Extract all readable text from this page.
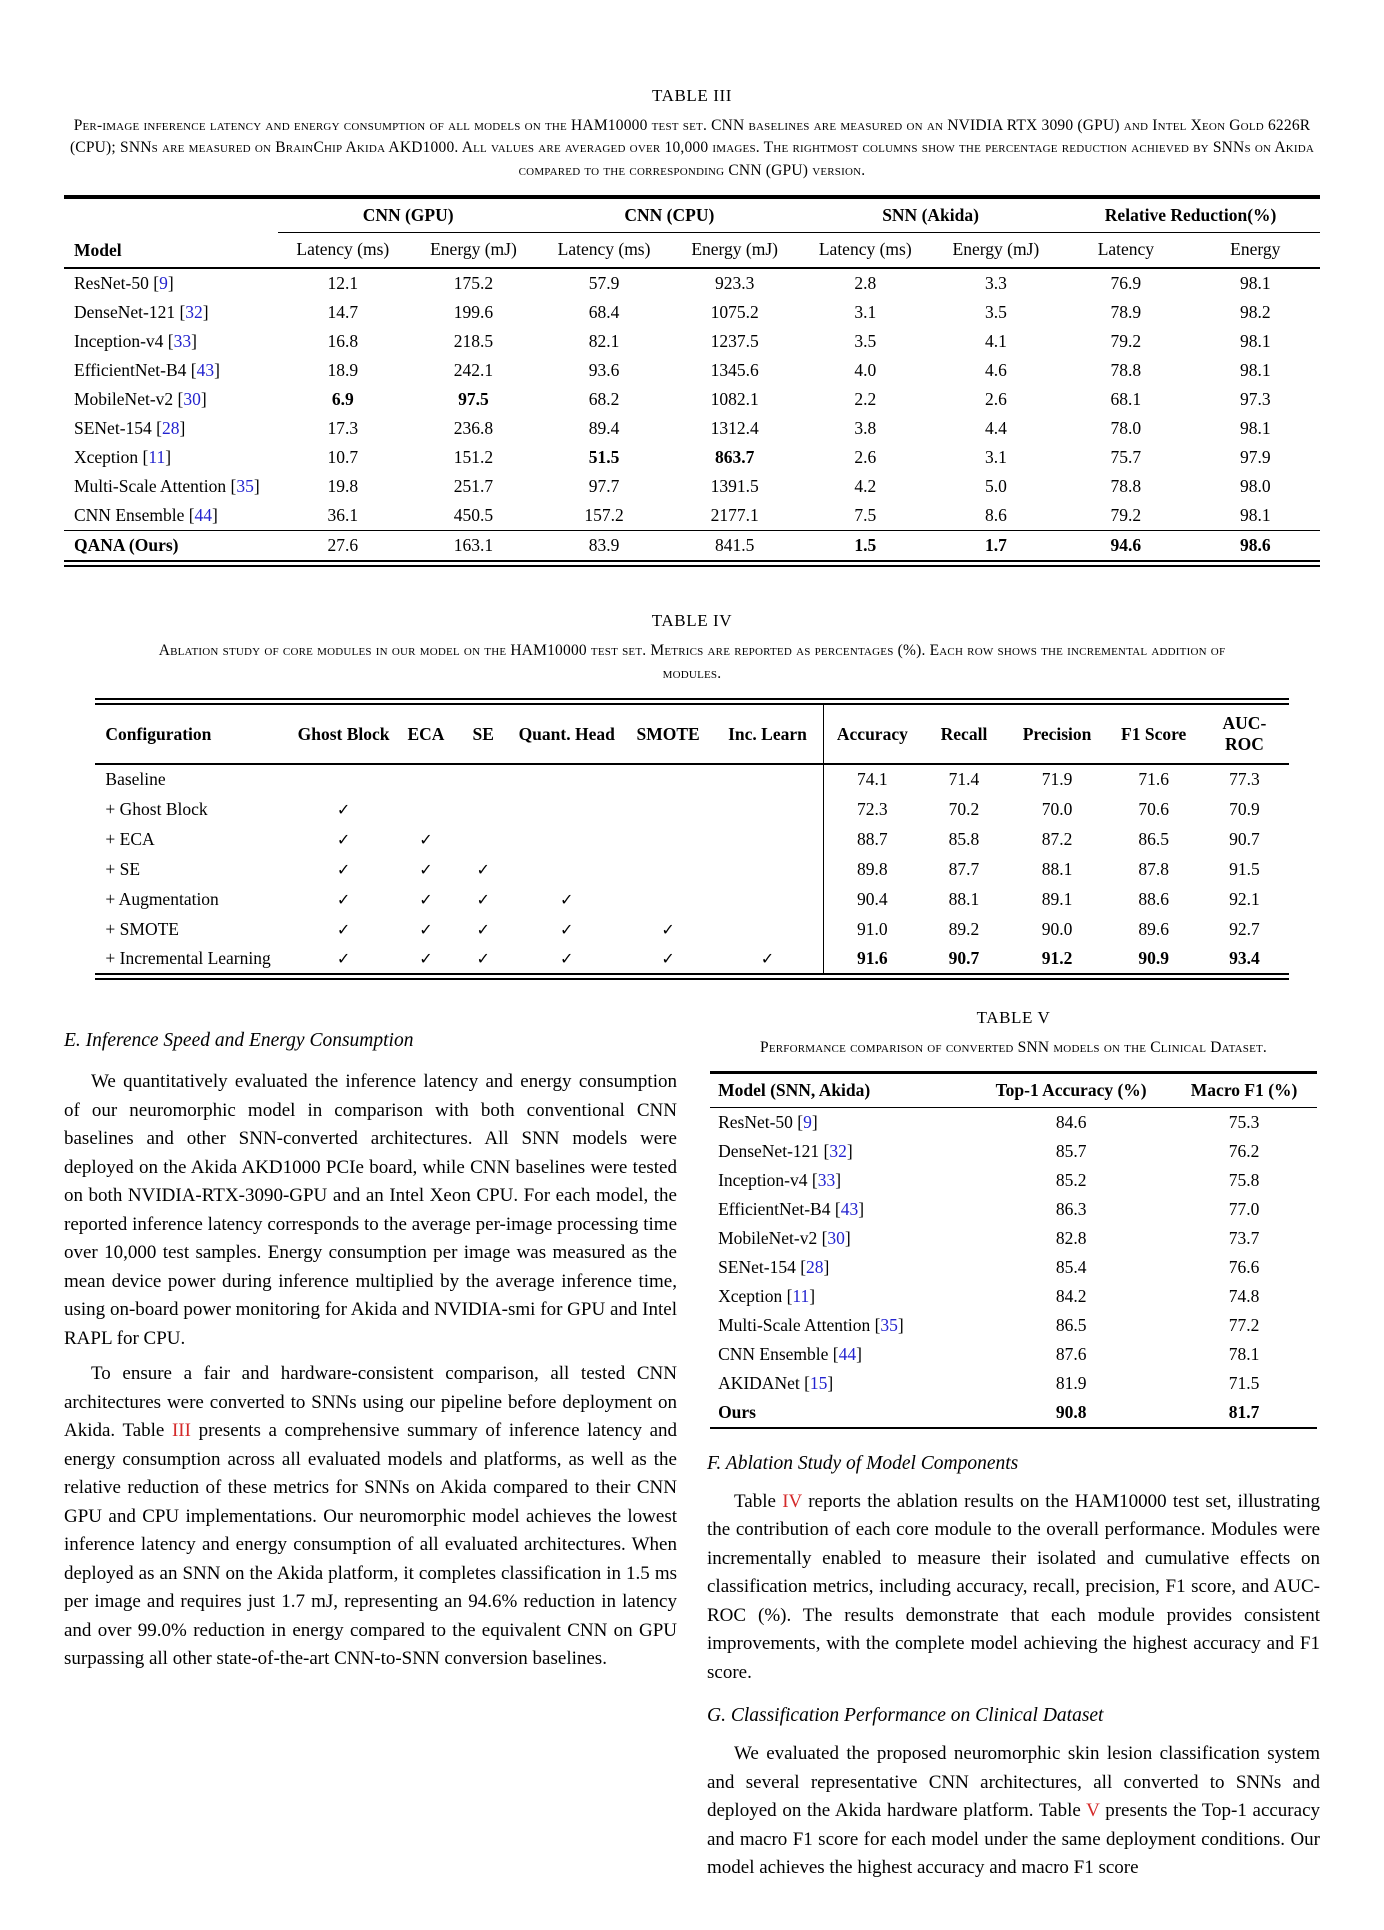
TABLE III
Per-image inference latency and energy consumption of all models on the HAM10000 test set. CNN baselines are measured on an NVIDIA RTX 3090 (GPU) and Intel Xeon Gold 6226R (CPU); SNNs are measured on BrainChip Akida AKD1000. All values are averaged over 10,000 images. The rightmost columns show the percentage reduction achieved by SNNs on Akida compared to the corresponding CNN (GPU) version.
Model	CNN (GPU)		CNN (CPU)		SNN (Akida)		Relative Reduction(%)	
	Latency (ms)	Energy (mJ)	Latency (ms)	Energy (mJ)	Latency (ms)	Energy (mJ)	Latency	Energy
ResNet-50 [9]	12.1	175.2	57.9	923.3	2.8	3.3	76.9	98.1
DenseNet-121 [32]	14.7	199.6	68.4	1075.2	3.1	3.5	78.9	98.2
Inception-v4 [33]	16.8	218.5	82.1	1237.5	3.5	4.1	79.2	98.1
EfficientNet-B4 [43]	18.9	242.1	93.6	1345.6	4.0	4.6	78.8	98.1
MobileNet-v2 [30]	6.9	97.5	68.2	1082.1	2.2	2.6	68.1	97.3
SENet-154 [28]	17.3	236.8	89.4	1312.4	3.8	4.4	78.0	98.1
Xception [11]	10.7	151.2	51.5	863.7	2.6	3.1	75.7	97.9
Multi-Scale Attention [35]	19.8	251.7	97.7	1391.5	4.2	5.0	78.8	98.0
CNN Ensemble [44]	36.1	450.5	157.2	2177.1	7.5	8.6	79.2	98.1
QANA (Ours)	27.6	163.1	83.9	841.5	1.5	1.7	94.6	98.6
TABLE IV
Ablation study of core modules in our model on the HAM10000 test set. Metrics are reported as percentages (%). Each row shows the incremental addition of modules.
Configuration	Ghost Block	ECA	SE	Quant. Head	SMOTE	Inc. Learn	Accuracy	Recall	Precision	F1 Score	AUC-ROC
Baseline							74.1	71.4	71.9	71.6	77.3
+ Ghost Block	✓						72.3	70.2	70.0	70.6	70.9
+ ECA	✓	✓					88.7	85.8	87.2	86.5	90.7
+ SE	✓	✓	✓				89.8	87.7	88.1	87.8	91.5
+ Augmentation	✓	✓	✓	✓			90.4	88.1	89.1	88.6	92.1
+ SMOTE	✓	✓	✓	✓	✓		91.0	89.2	90.0	89.6	92.7
+ Incremental Learning	✓	✓	✓	✓	✓	✓	91.6	90.7	91.2	90.9	93.4
E. Inference Speed and Energy Consumption

We quantitatively evaluated the inference latency and energy consumption of our neuromorphic model in comparison with both conventional CNN baselines and other SNN-converted architectures. All SNN models were deployed on the Akida AKD1000 PCIe board, while CNN baselines were tested on both NVIDIA-RTX-3090-GPU and an Intel Xeon CPU. For each model, the reported inference latency corresponds to the average per-image processing time over 10,000 test samples. Energy consumption per image was measured as the mean device power during inference multiplied by the average inference time, using on-board power monitoring for Akida and NVIDIA-smi for GPU and Intel RAPL for CPU.

To ensure a fair and hardware-consistent comparison, all tested CNN architectures were converted to SNNs using our pipeline before deployment on Akida. Table III presents a comprehensive summary of inference latency and energy consumption across all evaluated models and platforms, as well as the relative reduction of these metrics for SNNs on Akida compared to their CNN GPU and CPU implementations. Our neuromorphic model achieves the lowest inference latency and energy consumption of all evaluated architectures. When deployed as an SNN on the Akida platform, it completes classification in 1.5 ms per image and requires just 1.7 mJ, representing an 94.6% reduction in latency and over 99.0% reduction in energy compared to the equivalent CNN on GPU surpassing all other state-of-the-art CNN-to-SNN conversion baselines.

TABLE V
Performance comparison of converted SNN models on the Clinical Dataset.
Model (SNN, Akida)	Top-1 Accuracy (%)	Macro F1 (%)
ResNet-50 [9]	84.6	75.3
DenseNet-121 [32]	85.7	76.2
Inception-v4 [33]	85.2	75.8
EfficientNet-B4 [43]	86.3	77.0
MobileNet-v2 [30]	82.8	73.7
SENet-154 [28]	85.4	76.6
Xception [11]	84.2	74.8
Multi-Scale Attention [35]	86.5	77.2
CNN Ensemble [44]	87.6	78.1
AKIDANet [15]	81.9	71.5
Ours	90.8	81.7
F. Ablation Study of Model Components

Table IV reports the ablation results on the HAM10000 test set, illustrating the contribution of each core module to the overall performance. Modules were incrementally enabled to measure their isolated and cumulative effects on classification metrics, including accuracy, recall, precision, F1 score, and AUC-ROC (%). The results demonstrate that each module provides consistent improvements, with the complete model achieving the highest accuracy and F1 score.

G. Classification Performance on Clinical Dataset

We evaluated the proposed neuromorphic skin lesion classification system and several representative CNN architectures, all converted to SNNs and deployed on the Akida hardware platform. Table V presents the Top-1 accuracy and macro F1 score for each model under the same deployment conditions. Our model achieves the highest accuracy and macro F1 score
